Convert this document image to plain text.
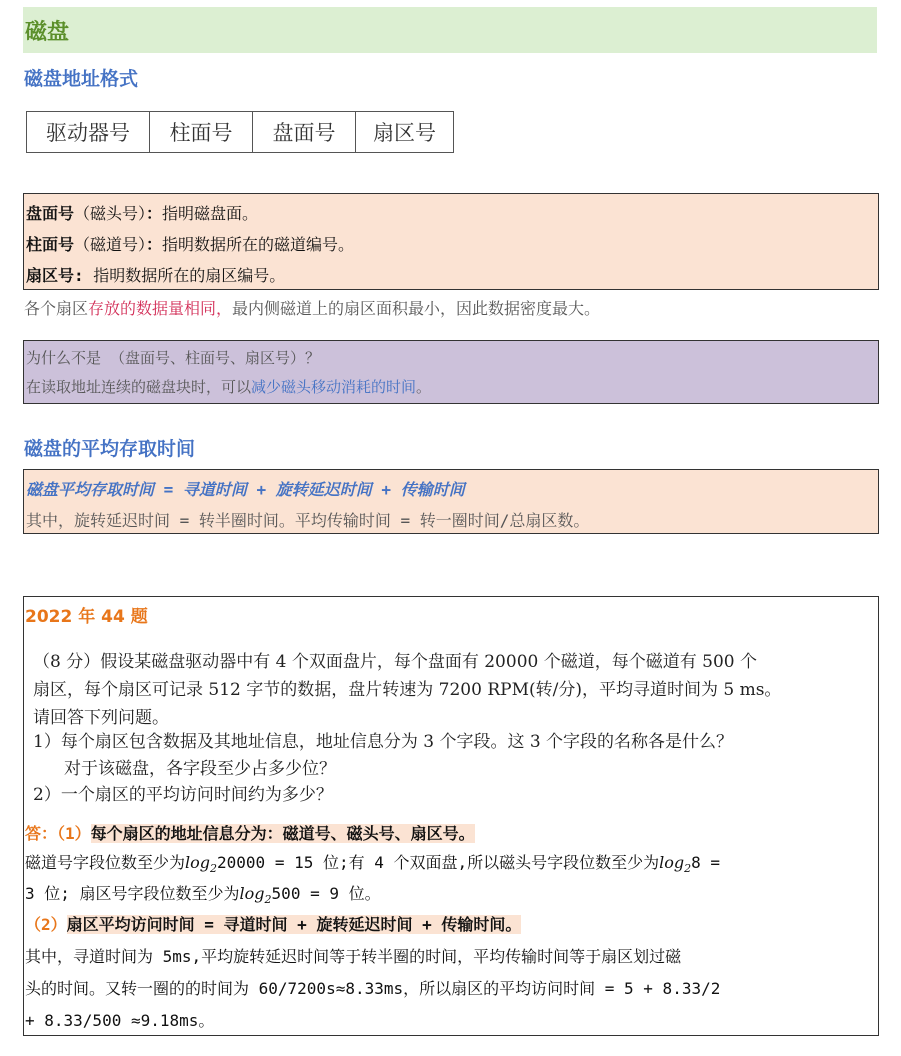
磁盘
磁盘地址格式
驱动器号	柱面号	盘面号	扇区号
盘面号（磁头号）：指明磁盘面。
柱面号（磁道号）：指明数据所在的磁道编号。
扇区号: 指明数据所在的扇区编号。
各个扇区存放的数据量相同，最内侧磁道上的扇区面积最小，因此数据密度最大。
为什么不是 （盘面号、柱面号、扇区号）？
在读取地址连续的磁盘块时，可以减少磁头移动消耗的时间。
磁盘的平均存取时间
磁盘平均存取时间 = 寻道时间 + 旋转延迟时间 + 传输时间
其中，旋转延迟时间 = 转半圈时间。平均传输时间 = 转一圈时间/总扇区数。
2022 年 44 题
（8 分）假设某磁盘驱动器中有 4 个双面盘片，每个盘面有 20000 个磁道，每个磁道有 500 个
扇区，每个扇区可记录 512 字节的数据，盘片转速为 7200 RPM(转/分)，平均寻道时间为 5 ms。
请回答下列问题。
1）每个扇区包含数据及其地址信息，地址信息分为 3 个字段。这 3 个字段的名称各是什么？
对于该磁盘，各字段至少占多少位？
2）一个扇区的平均访问时间约为多少？
答：（1）每个扇区的地址信息分为：磁道号、磁头号、扇区号。
磁道号字段位数至少为$\log_220000 = 15$ 位;有 4 个双面盘,所以磁头号字段位数至少为$\log_28$ =
3 位; 扇区号字段位数至少为$\log_2500 = 9$ 位。
（2）扇区平均访问时间 = 寻道时间 + 旋转延迟时间 + 传输时间。
其中，寻道时间为 5ms,平均旋转延迟时间等于转半圈的时间，平均传输时间等于扇区划过磁
头的时间。又转一圈的的时间为 60/7200s≈8.33ms，所以扇区的平均访问时间 = 5 + 8.33/2
+ 8.33/500 ≈9.18ms。
